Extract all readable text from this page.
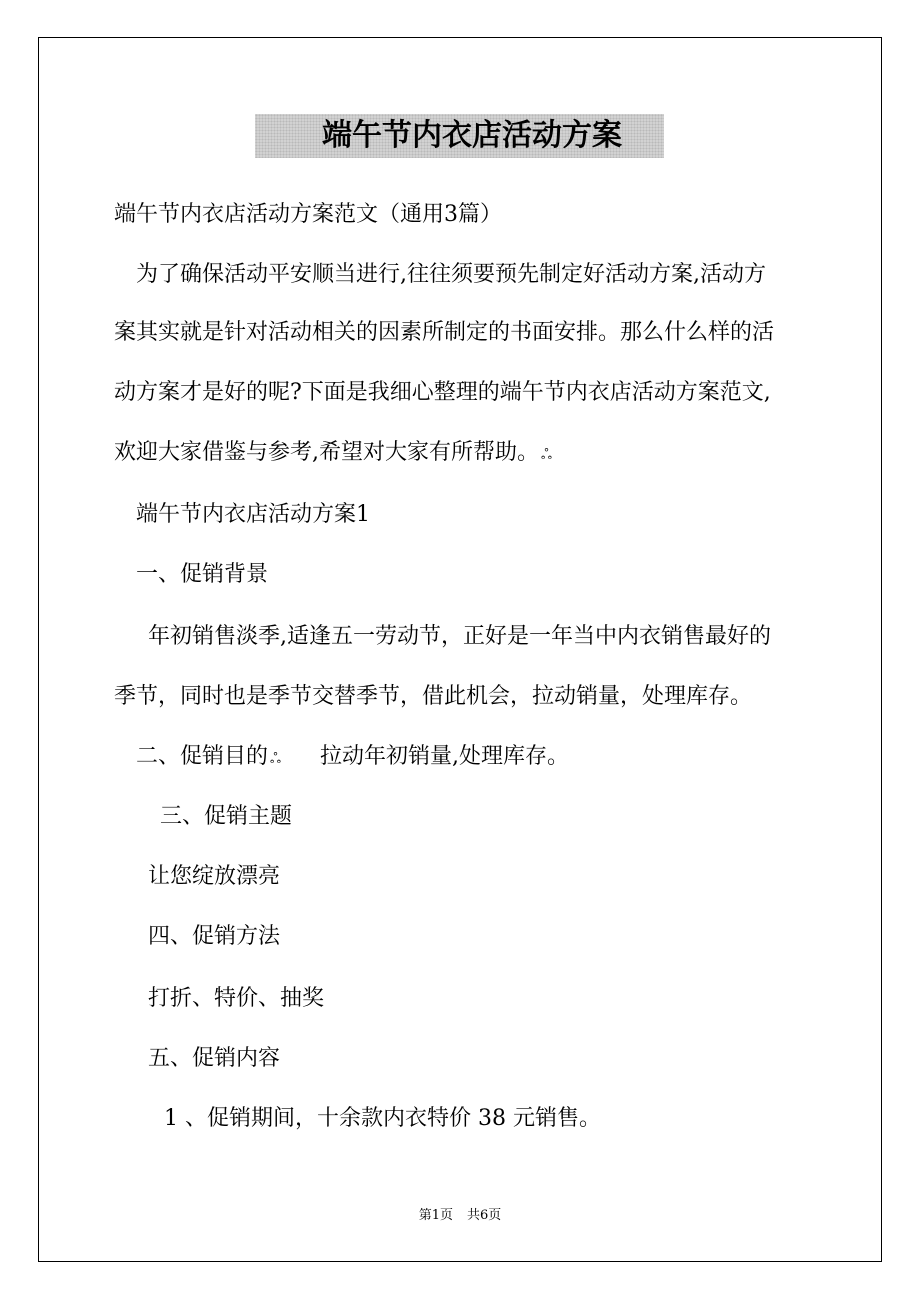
端午节内衣店活动方案
端午节内衣店活动方案范文（通用3篇）
为了确保活动平安顺当进行,往往须要预先制定好活动方案,活动方
案其实就是针对活动相关的因素所制定的书面安排。那么什么样的活
动方案才是好的呢?下面是我细心整理的端午节内衣店活动方案范文,
欢迎大家借鉴与参考,希望对大家有所帮助。 ஃ
端午节内衣店活动方案1
一、促销背景
年初销售淡季,适逢五一劳动节，正好是一年当中内衣销售最好的
季节，同时也是季节交替季节，借此机会，拉动销量，处理库存。
二、促销目的 ஃ 拉动年初销量,处理库存。
三、促销主题
让您绽放漂亮
四、促销方法
打折、特价、抽奖
五、促销内容
1 、促销期间，十余款内衣特价 38 元销售。
第1页 共6页
